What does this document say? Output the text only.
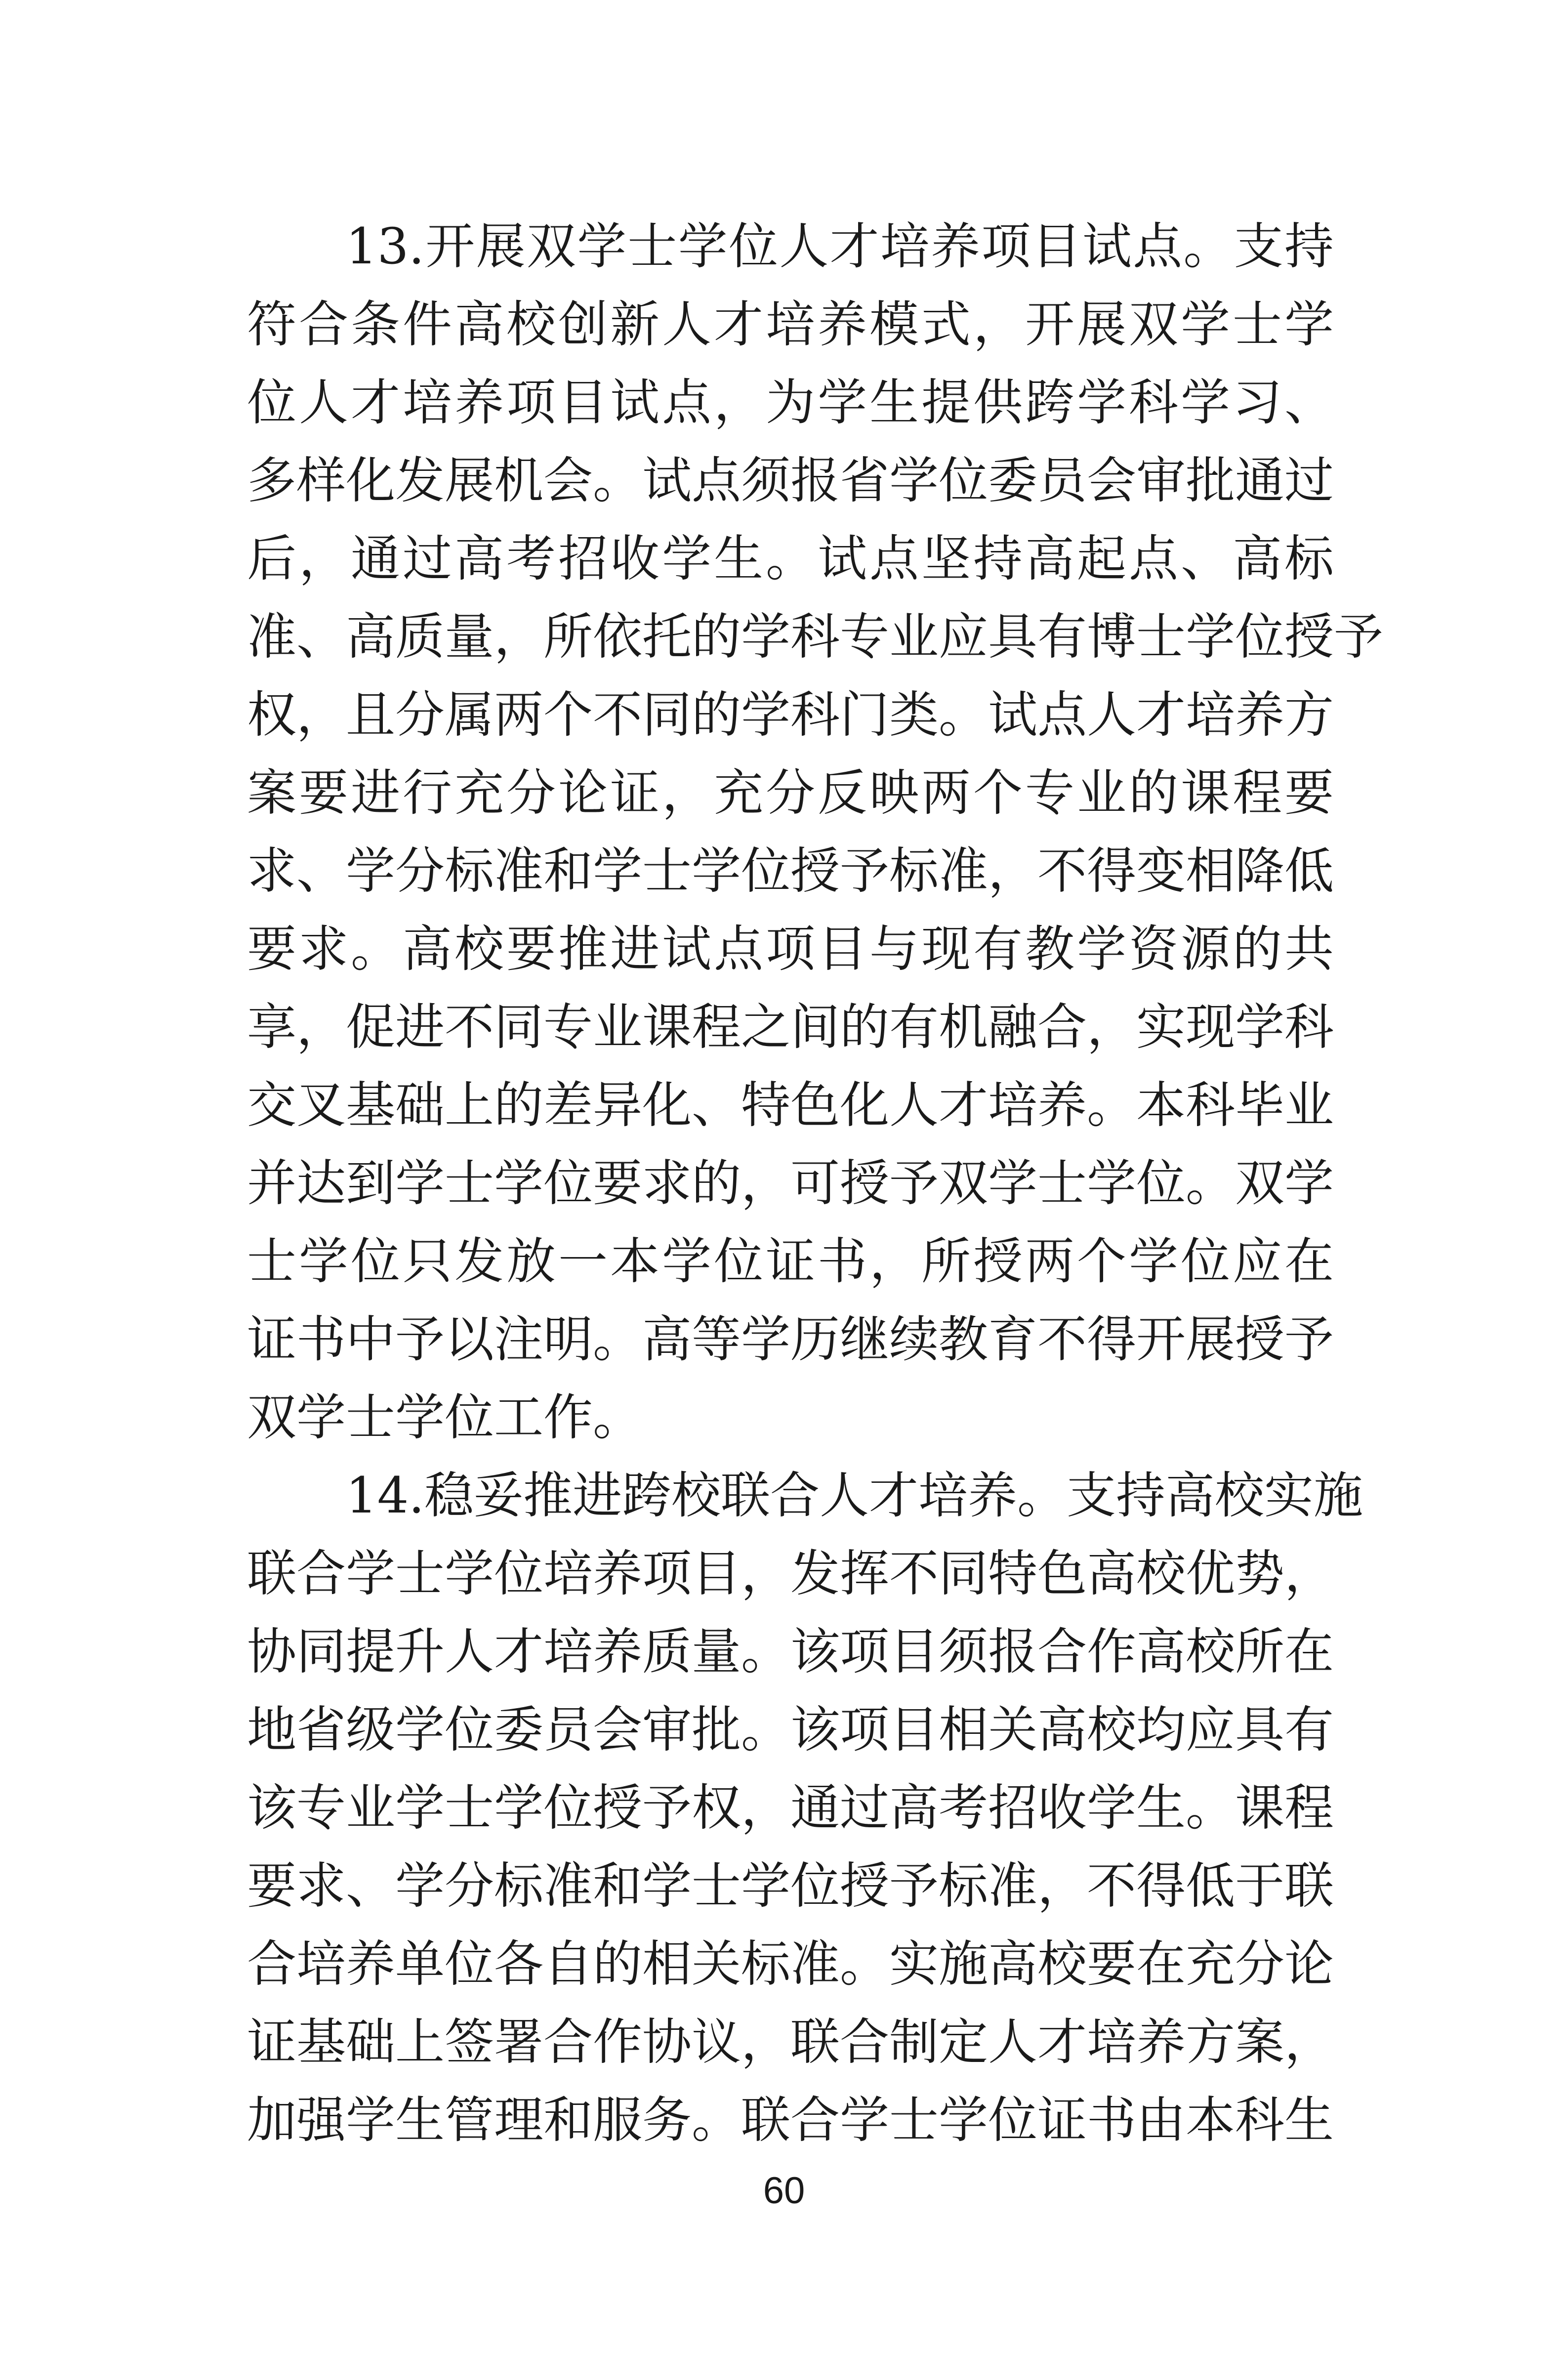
13.开展双学士学位人才培养项目试点。支持
符合条件高校创新人才培养模式，开展双学士学
位人才培养项目试点，为学生提供跨学科学习、
多样化发展机会。试点须报省学位委员会审批通过
后，通过高考招收学生。试点坚持高起点、高标
准、高质量，所依托的学科专业应具有博士学位授予
权，且分属两个不同的学科门类。试点人才培养方
案要进行充分论证，充分反映两个专业的课程要
求、学分标准和学士学位授予标准，不得变相降低
要求。高校要推进试点项目与现有教学资源的共
享，促进不同专业课程之间的有机融合，实现学科
交叉基础上的差异化、特色化人才培养。本科毕业
并达到学士学位要求的，可授予双学士学位。双学
士学位只发放一本学位证书，所授两个学位应在
证书中予以注明。高等学历继续教育不得开展授予
双学士学位工作。
14.稳妥推进跨校联合人才培养。支持高校实施
联合学士学位培养项目，发挥不同特色高校优势，
协同提升人才培养质量。该项目须报合作高校所在
地省级学位委员会审批。该项目相关高校均应具有
该专业学士学位授予权，通过高考招收学生。课程
要求、学分标准和学士学位授予标准，不得低于联
合培养单位各自的相关标准。实施高校要在充分论
证基础上签署合作协议，联合制定人才培养方案，
加强学生管理和服务。联合学士学位证书由本科生
60
